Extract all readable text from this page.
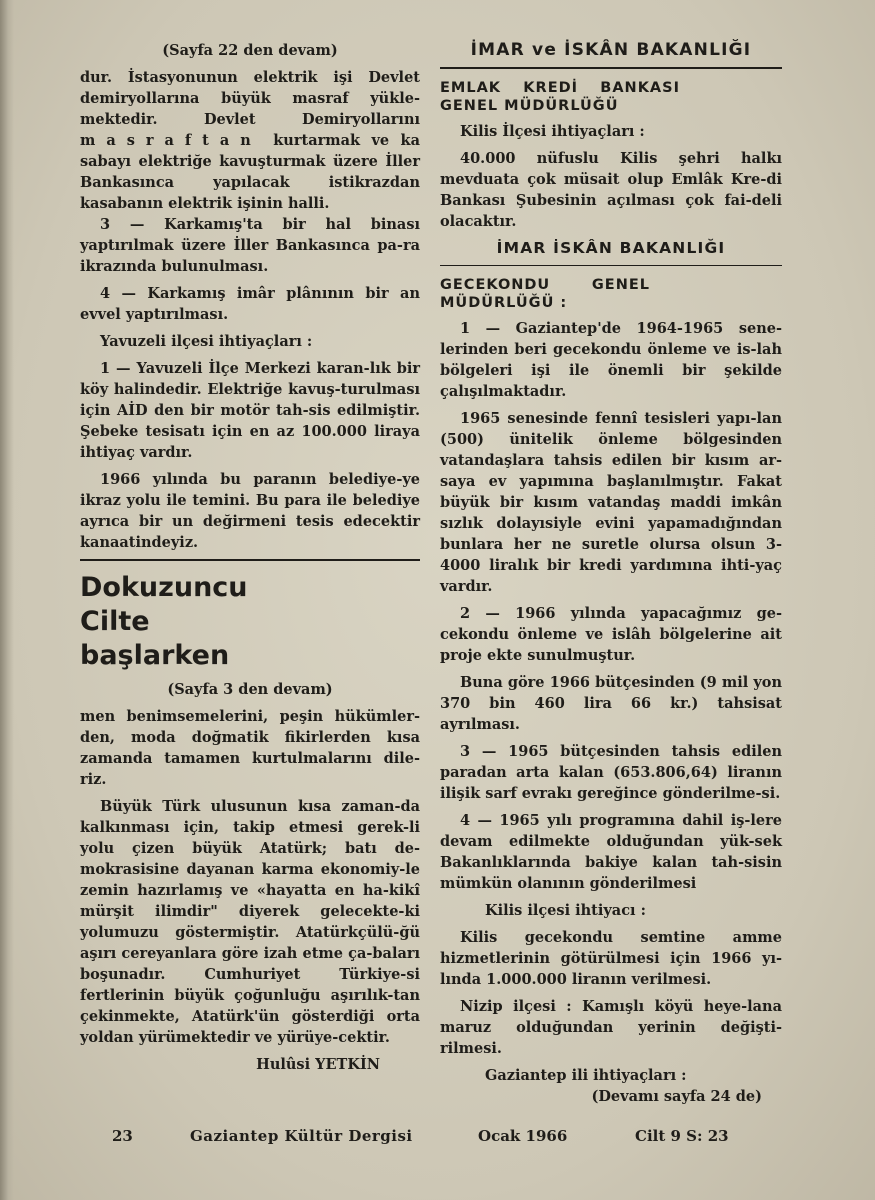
(Sayfa 22 den devam)

dur. İstasyonunun elektrik işi Devlet demiryollarına büyük masraf yükle-mektedir. Devlet Demiryollarını masraftan kurtarmak ve ka sabayı elektriğe kavuşturmak üzere İller Bankasınca yapılacak istikrazdan kasabanın elektrik işinin halli.

3 — Karkamış'ta bir hal binası yaptırılmak üzere İller Bankasınca pa-ra ikrazında bulunulması.

4 — Karkamış imâr plânının bir an evvel yaptırılması.

Yavuzeli ilçesi ihtiyaçları :

1 — Yavuzeli İlçe Merkezi karan-lık bir köy halindedir. Elektriğe kavuş-turulması için AİD den bir motör tah-sis edilmiştir. Şebeke tesisatı için en az 100.000 liraya ihtiyaç vardır.

1966 yılında bu paranın belediye-ye ikraz yolu ile temini. Bu para ile belediye ayrıca bir un değirmeni tesis edecektir kanaatindeyiz.

Dokuzuncu Cilte başlarken

(Sayfa 3 den devam)

men benimsemelerini, peşin hükümler-den, moda doğmatik fikirlerden kısa zamanda tamamen kurtulmalarını dile-riz.

Büyük Türk ulusunun kısa zaman-da kalkınması için, takip etmesi gerek-li yolu çizen büyük Atatürk; batı de-mokrasisine dayanan karma ekonomiy-le zemin hazırlamış ve «hayatta en ha-kikî mürşit ilimdir" diyerek gelecekte-ki yolumuzu göstermiştir. Atatürkçülü-ğü aşırı cereyanlara göre izah etme ça-baları boşunadır. Cumhuriyet Türkiye-si fertlerinin büyük çoğunluğu aşırılık-tan çekinmekte, Atatürk'ün gösterdiği orta yoldan yürümektedir ve yürüye-cektir.

Hulûsi YETKİN

İMAR ve İSKÂN BAKANLIĞI

EMLAK KREDİ BANKASI GENEL MÜDÜRLÜĞÜ

Kilis İlçesi ihtiyaçları :

40.000 nüfuslu Kilis şehri halkı mevduata çok müsait olup Emlâk Kre-di Bankası Şubesinin açılması çok fai-deli olacaktır.

İMAR İSKÂN BAKANLIĞI

GECEKONDU GENEL MÜDÜRLÜĞÜ :

1 — Gaziantep'de 1964-1965 sene-lerinden beri gecekondu önleme ve is-lah bölgeleri işi ile önemli bir şekilde çalışılmaktadır.

1965 senesinde fennî tesisleri yapı-lan (500) ünitelik önleme bölgesinden vatandaşlara tahsis edilen bir kısım ar-saya ev yapımına başlanılmıştır. Fakat büyük bir kısım vatandaş maddi imkân sızlık dolayısiyle evini yapamadığından bunlara her ne suretle olursa olsun 3-4000 liralık bir kredi yardımına ihti-yaç vardır.

2 — 1966 yılında yapacağımız ge-cekondu önleme ve islâh bölgelerine ait proje ekte sunulmuştur.

Buna göre 1966 bütçesinden (9 mil yon 370 bin 460 lira 66 kr.) tahsisat ayrılması.

3 — 1965 bütçesinden tahsis edilen paradan arta kalan (653.806,64) liranın ilişik sarf evrakı gereğince gönderilme-si.

4 — 1965 yılı programına dahil iş-lere devam edilmekte olduğundan yük-sek Bakanlıklarında bakiye kalan tah-sisin mümkün olanının gönderilmesi

Kilis ilçesi ihtiyacı :

Kilis gecekondu semtine amme hizmetlerinin götürülmesi için 1966 yı-lında 1.000.000 liranın verilmesi.

Nizip ilçesi : Kamışlı köyü heye-lana maruz olduğundan yerinin değişti-rilmesi.

Gaziantep ili ihtiyaçları :

(Devamı sayfa 24 de)

23	Gaziantep Kültür Dergisi	Ocak 1966	Cilt 9 S: 23
